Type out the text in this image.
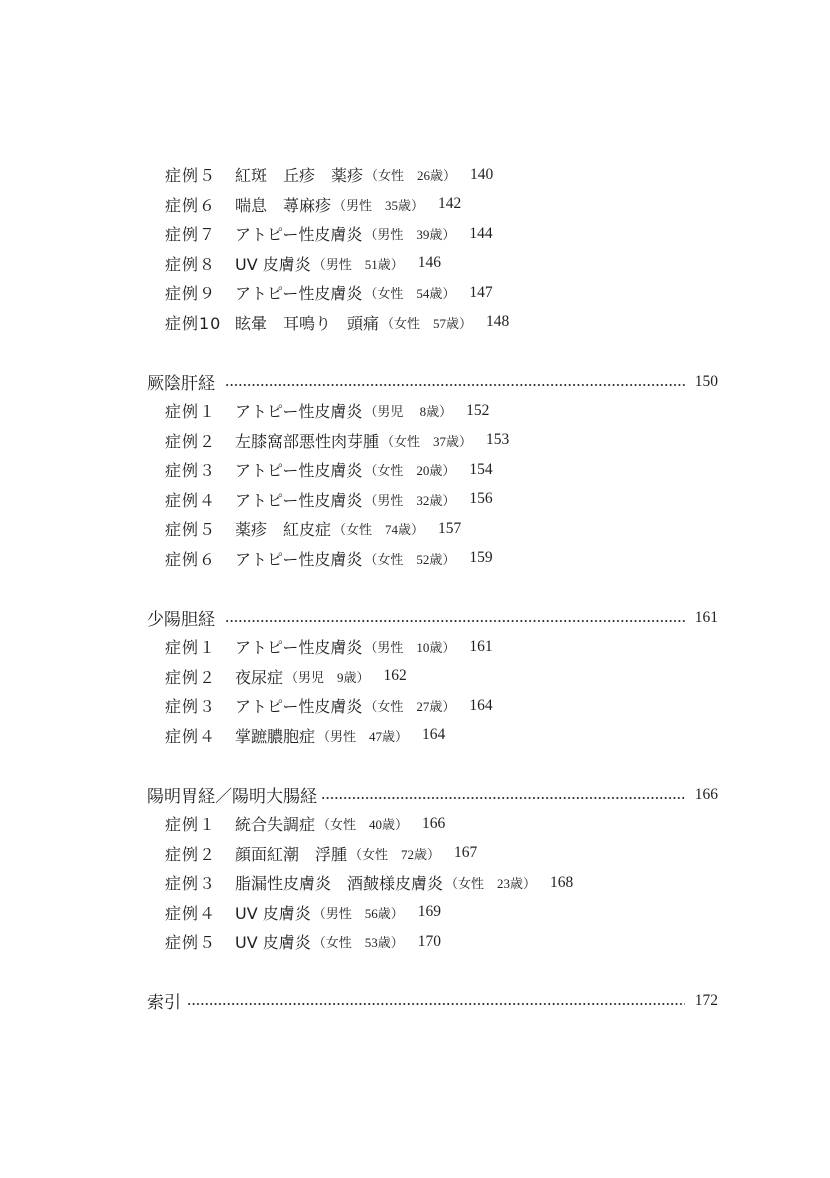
症例５	紅斑　丘疹　薬疹 （女性　26歳） 140
症例６	喘息　蕁麻疹 （男性　35歳） 142
症例７	アトピー性皮膚炎 （男性　39歳） 144
症例８	UV 皮膚炎 （男性　51歳） 146
症例９	アトピー性皮膚炎 （女性　54歳） 147
症例10 眩暈　耳鳴り　頭痛 （女性　57歳） 148
厥陰肝経	150
症例１	アトピー性皮膚炎 （男児　 8歳） 152
症例２	左膝窩部悪性肉芽腫 （女性　37歳） 153
症例３	アトピー性皮膚炎 （女性　20歳） 154
症例４	アトピー性皮膚炎 （男性　32歳） 156
症例５	薬疹　紅皮症 （女性　74歳） 157
症例６	アトピー性皮膚炎 （女性　52歳） 159
少陽胆経	161
症例１	アトピー性皮膚炎 （男性　10歳） 161
症例２	夜尿症 （男児　9歳） 162
症例３	アトピー性皮膚炎 （女性　27歳） 164
症例４	掌蹠膿胞症 （男性　47歳） 164
陽明胃経／陽明大腸経	166
症例１	統合失調症 （女性　40歳） 166
症例２	顔面紅潮　浮腫 （女性　72歳） 167
症例３	脂漏性皮膚炎　酒皶様皮膚炎 （女性　23歳） 168
症例４	UV 皮膚炎 （男性　56歳） 169
症例５	UV 皮膚炎 （女性　53歳） 170
索引	172
